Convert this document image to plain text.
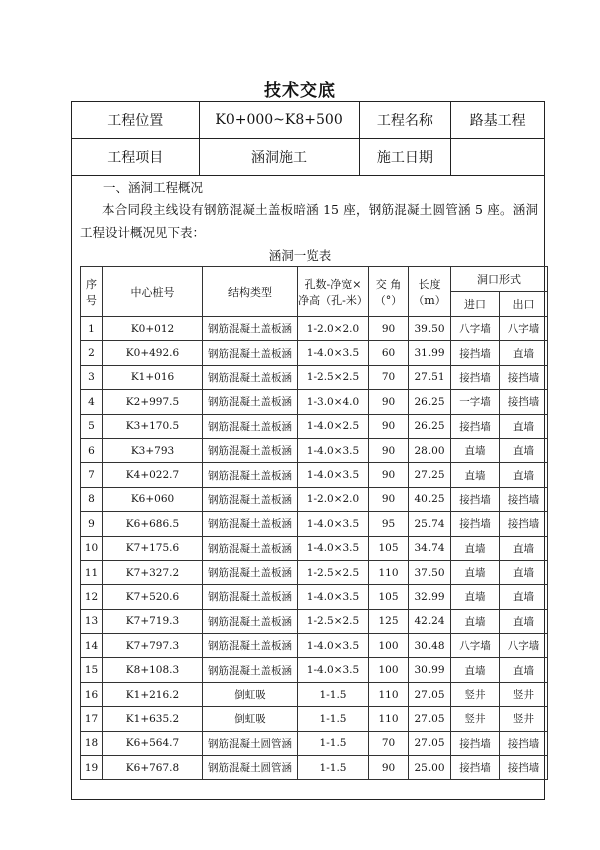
技术交底
工程位置	K0+000~K8+500	工程名称	路基工程
工程项目	涵洞施工	施工日期	
一、涵洞工程概况
本合同段主线设有钢筋混凝土盖板暗涵 15 座，钢筋混凝土圆管涵 5 座。涵洞工程设计概况见下表：
涵洞一览表
序
号	中心桩号	结构类型	孔数-净宽×
净高（孔-米）	交 角
（°）	长度
（m）	洞口形式	
						进口	出口
1	K0+012	钢筋混凝土盖板涵	1-2.0×2.0	90	39.50	八字墙	八字墙
2	K0+492.6	钢筋混凝土盖板涵	1-4.0×3.5	60	31.99	接挡墙	直墙
3	K1+016	钢筋混凝土盖板涵	1-2.5×2.5	70	27.51	接挡墙	接挡墙
4	K2+997.5	钢筋混凝土盖板涵	1-3.0×4.0	90	26.25	一字墙	接挡墙
5	K3+170.5	钢筋混凝土盖板涵	1-4.0×2.5	90	26.25	接挡墙	直墙
6	K3+793	钢筋混凝土盖板涵	1-4.0×3.5	90	28.00	直墙	直墙
7	K4+022.7	钢筋混凝土盖板涵	1-4.0×3.5	90	27.25	直墙	直墙
8	K6+060	钢筋混凝土盖板涵	1-2.0×2.0	90	40.25	接挡墙	接挡墙
9	K6+686.5	钢筋混凝土盖板涵	1-4.0×3.5	95	25.74	接挡墙	接挡墙
10	K7+175.6	钢筋混凝土盖板涵	1-4.0×3.5	105	34.74	直墙	直墙
11	K7+327.2	钢筋混凝土盖板涵	1-2.5×2.5	110	37.50	直墙	直墙
12	K7+520.6	钢筋混凝土盖板涵	1-4.0×3.5	105	32.99	直墙	直墙
13	K7+719.3	钢筋混凝土盖板涵	1-2.5×2.5	125	42.24	直墙	直墙
14	K7+797.3	钢筋混凝土盖板涵	1-4.0×3.5	100	30.48	八字墙	八字墙
15	K8+108.3	钢筋混凝土盖板涵	1-4.0×3.5	100	30.99	直墙	直墙
16	K1+216.2	倒虹吸	1-1.5	110	27.05	竖井	竖井
17	K1+635.2	倒虹吸	1-1.5	110	27.05	竖井	竖井
18	K6+564.7	钢筋混凝土圆管涵	1-1.5	70	27.05	接挡墙	接挡墙
19	K6+767.8	钢筋混凝土圆管涵	1-1.5	90	25.00	接挡墙	接挡墙
